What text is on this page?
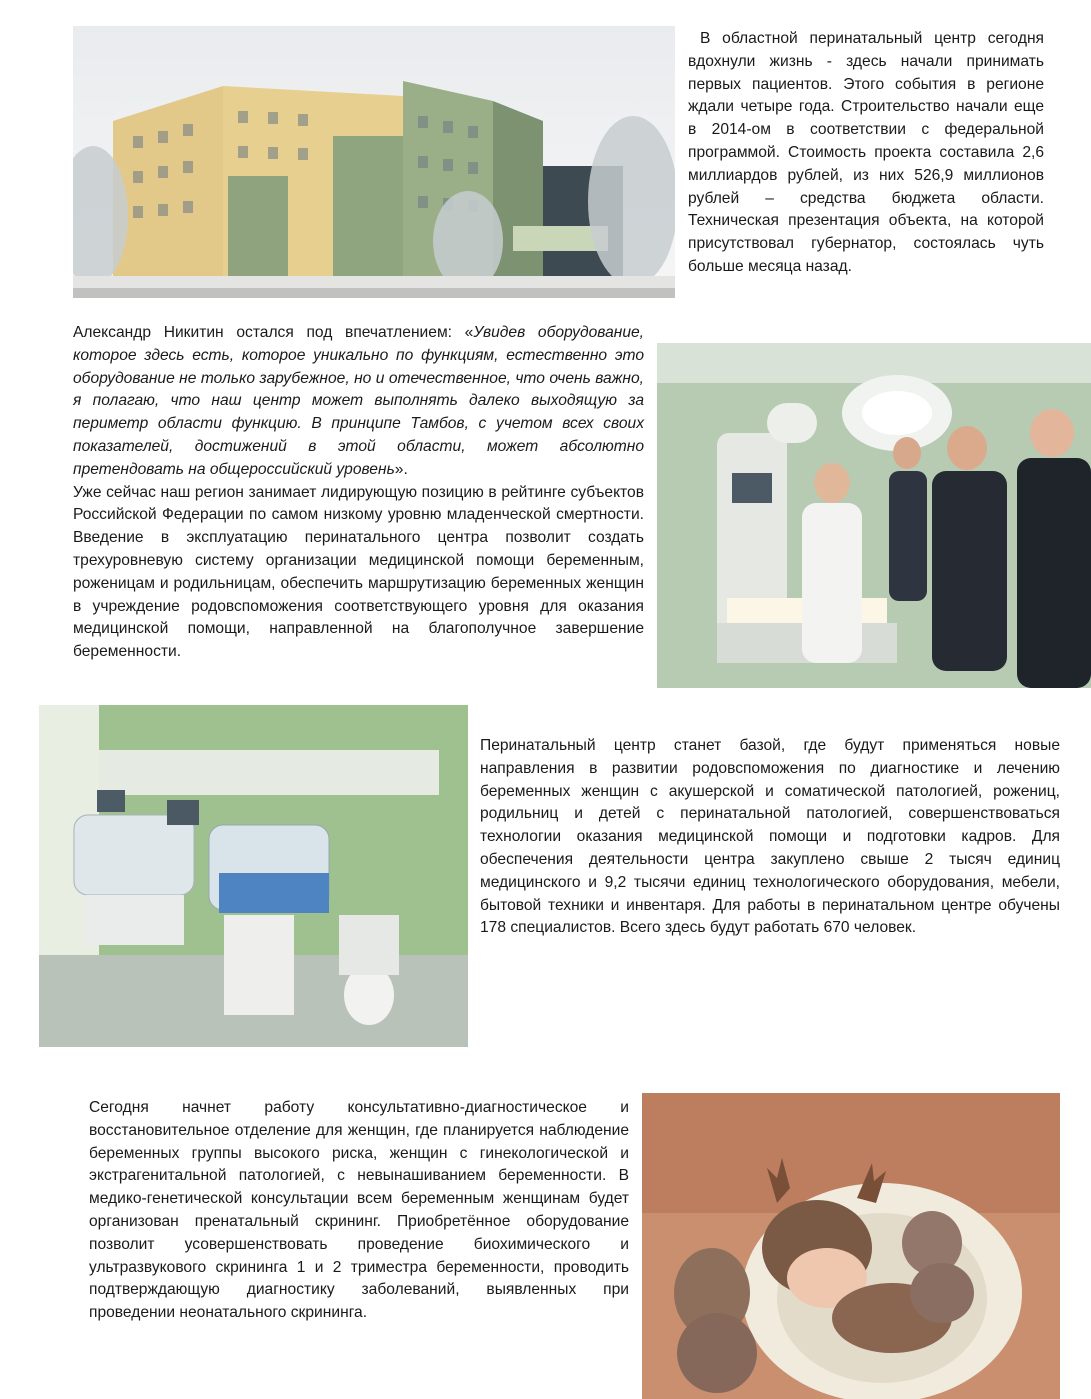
В областной перинатальный центр сегодня вдохнули жизнь - здесь начали принимать первых пациентов. Этого события в регионе ждали четыре года. Строительство начали еще в 2014-ом в соответствии с федеральной программой. Стоимость проекта составила 2,6 миллиардов рублей, из них 526,9 миллионов рублей – средства бюджета области. Техническая презентация объекта, на которой присутствовал губернатор, состоялась чуть больше месяца назад.

Александр Никитин остался под впечатлением: «Увидев оборудование, которое здесь есть, которое уникально по функциям, естественно это оборудование не только зарубежное, но и отечественное, что очень важно, я полагаю, что наш центр может выполнять далеко выходящую за периметр области функцию. В принципе Тамбов, с учетом всех своих показателей, достижений в этой области, может абсолютно претендовать на общероссийский уровень».

Уже сейчас наш регион занимает лидирующую позицию в рейтинге субъектов Российской Федерации по самом низкому уровню младенческой смертности. Введение в эксплуатацию перинатального центра позволит создать трехуровневую систему организации медицинской помощи беременным, роженицам и родильницам, обеспечить маршрутизацию беременных женщин в учреждение родовспоможения соответствующего уровня для оказания медицинской помощи, направленной на благополучное завершение беременности.

Перинатальный центр станет базой, где будут применяться новые направления в развитии родовспоможения по диагностике и лечению беременных женщин с акушерской и соматической патологией, рожениц, родильниц и детей с перинатальной патологией, совершенствоваться технологии оказания медицинской помощи и подготовки кадров. Для обеспечения деятельности центра закуплено свыше 2 тысяч единиц медицинского и 9,2 тысячи единиц технологического оборудования, мебели, бытовой техники и инвентаря. Для работы в перинатальном центре обучены 178 специалистов. Всего здесь будут работать 670 человек.

Сегодня начнет работу консультативно-диагностическое и восстановительное отделение для женщин, где планируется наблюдение беременных группы высокого риска, женщин с гинекологической и экстрагенитальной патологией, с невынашиванием беременности. В медико-генетической консультации всем беременным женщинам будет организован пренатальный скрининг. Приобретённое оборудование позволит усовершенствовать проведение биохимического и ультразвукового скрининга 1 и 2 триместра беременности, проводить подтверждающую диагностику заболеваний, выявленных при проведении неонатального скрининга.
